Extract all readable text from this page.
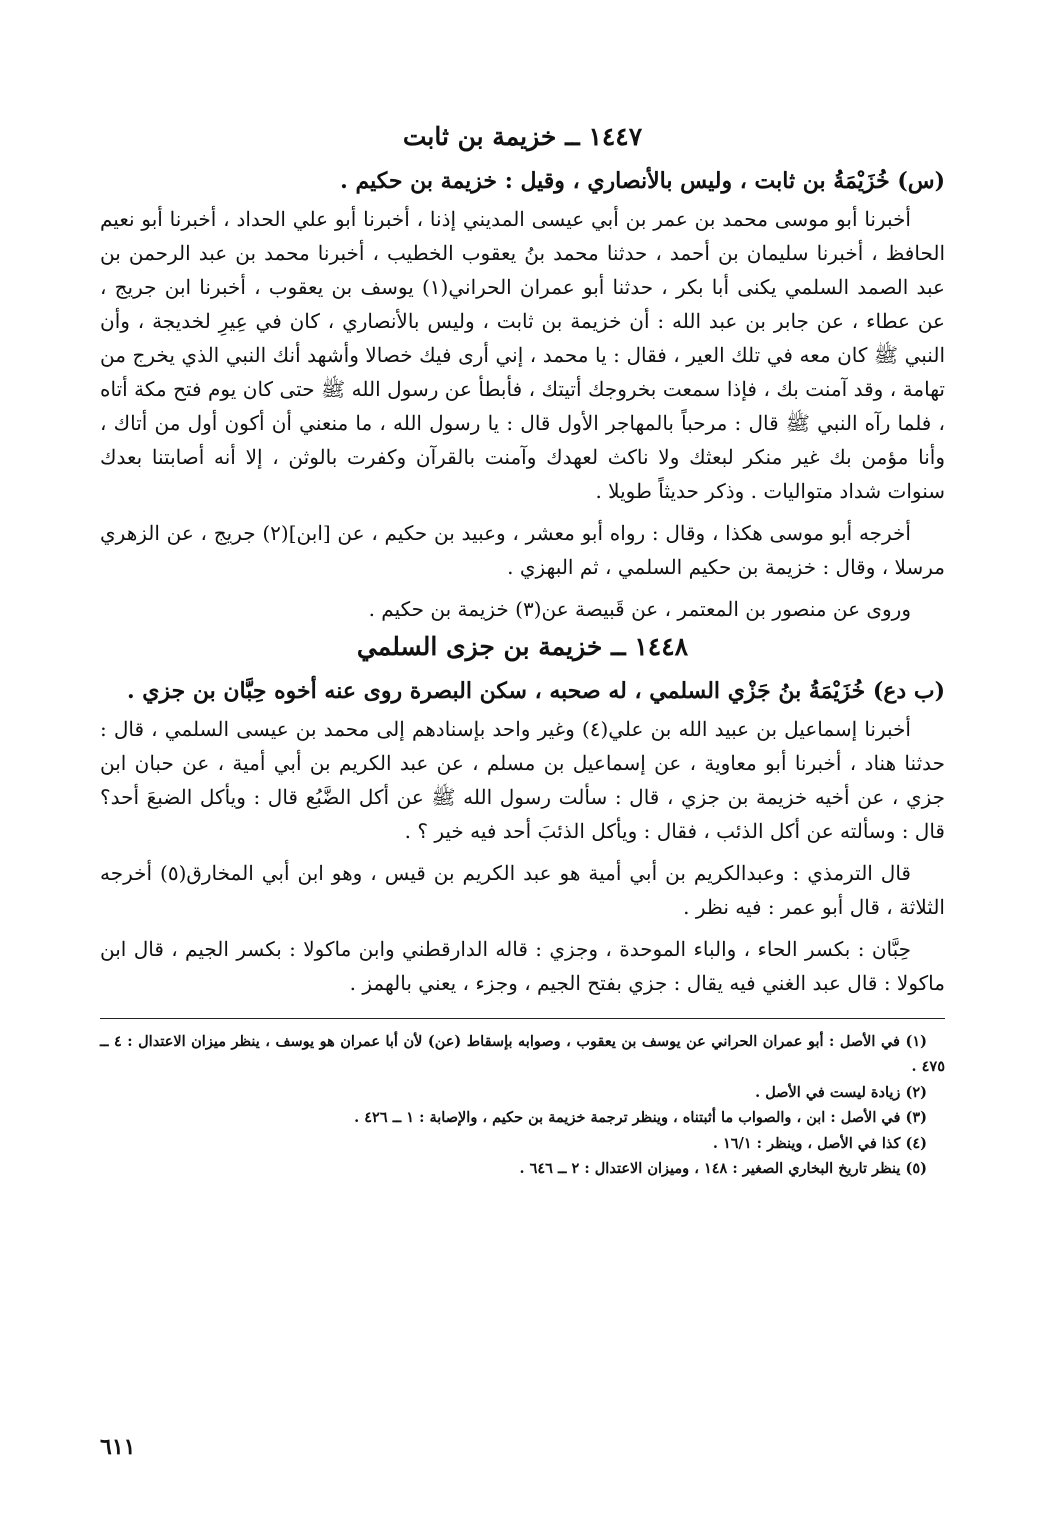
١٤٤٧ ــ خزيمة بن ثابت

(س) خُزَيْمَةُ بن ثابت ، وليس بالأنصاري ، وقيل : خزيمة بن حكيم .

أخبرنا أبو موسى محمد بن عمر بن أبي عيسى المديني إذنا ، أخبرنا أبو علي الحداد ، أخبرنا أبو نعيم الحافظ ، أخبرنا سليمان بن أحمد ، حدثنا محمد بنُ يعقوب الخطيب ، أخبرنا محمد بن عبد الرحمن بن عبد الصمد السلمي يكنى أبا بكر ، حدثنا أبو عمران الحراني(١) يوسف بن يعقوب ، أخبرنا ابن جريج ، عن عطاء ، عن جابر بن عبد الله : أن خزيمة بن ثابت ، وليس بالأنصاري ، كان في عِيرِ لخديجة ، وأن النبي ﷺ كان معه في تلك العير ، فقال : يا محمد ، إني أرى فيك خصالا وأشهد أنك النبي الذي يخرج من تهامة ، وقد آمنت بك ، فإذا سمعت بخروجك أتيتك ، فأبطأ عن رسول الله ﷺ حتى كان يوم فتح مكة أتاه ، فلما رآه النبي ﷺ قال : مرحباً بالمهاجر الأول قال : يا رسول الله ، ما منعني أن أكون أول من أتاك ، وأنا مؤمن بك غير منكر لبعثك ولا ناكث لعهدك وآمنت بالقرآن وكفرت بالوثن ، إلا أنه أصابتنا بعدك سنوات شداد متواليات . وذكر حديثاً طويلا .

أخرجه أبو موسى هكذا ، وقال : رواه أبو معشر ، وعبيد بن حكيم ، عن [ابن](٢) جريج ، عن الزهري مرسلا ، وقال : خزيمة بن حكيم السلمي ، ثم البهزي .

وروى عن منصور بن المعتمر ، عن قَبيصة عن(٣) خزيمة بن حكيم .

١٤٤٨ ــ خزيمة بن جزى السلمي

(ب دع) خُزَيْمَةُ بنُ جَزْي السلمي ، له صحبه ، سكن البصرة روى عنه أخوه حِبَّان بن جزي .

أخبرنا إسماعيل بن عبيد الله بن علي(٤) وغير واحد بإسنادهم إلى محمد بن عيسى السلمي ، قال : حدثنا هناد ، أخبرنا أبو معاوية ، عن إسماعيل بن مسلم ، عن عبد الكريم بن أبي أمية ، عن حبان ابن جزي ، عن أخيه خزيمة بن جزي ، قال : سألت رسول الله ﷺ عن أكل الضَّبُع قال : ويأكل الضبعَ أحد؟ قال : وسألته عن أكل الذئب ، فقال : ويأكل الذئبَ أحد فيه خير ؟ .

قال الترمذي : وعبدالكريم بن أبي أمية هو عبد الكريم بن قيس ، وهو ابن أبي المخارق(٥) أخرجه الثلاثة ، قال أبو عمر : فيه نظر .

حِبَّان : بكسر الحاء ، والباء الموحدة ، وجزي : قاله الدارقطني وابن ماكولا : بكسر الجيم ، قال ابن ماكولا : قال عبد الغني فيه يقال : جزي بفتح الجيم ، وجزء ، يعني بالهمز .

(١) في الأصل : أبو عمران الحراني عن يوسف بن يعقوب ، وصوابه بإسقاط (عن) لأن أبا عمران هو يوسف ، ينظر ميزان الاعتدال : ٤ ــ ٤٧٥ .
(٢) زيادة ليست في الأصل .
(٣) في الأصل : ابن ، والصواب ما أثبتناه ، وينظر ترجمة خزيمة بن حكيم ، والإصابة : ١ ــ ٤٢٦ .
(٤) كذا في الأصل ، وينظر : ١٦/١ .
(٥) ينظر تاريخ البخاري الصغير : ١٤٨ ، وميزان الاعتدال : ٢ ــ ٦٤٦ .
٦١١
